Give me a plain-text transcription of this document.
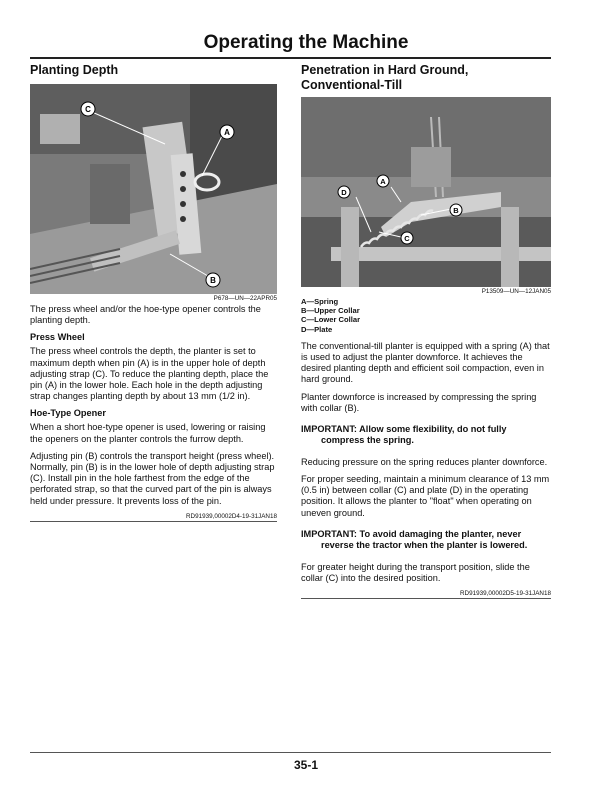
Operating the Machine
Planting Depth
A
C
B
P678—UN—22APR05

The press wheel and/or the hoe-type opener controls the planting depth.

Press Wheel

The press wheel controls the depth, the planter is set to maximum depth when pin (A) is in the upper hole of depth adjusting strap (C). To reduce the planting depth, place the pin (A) in the lower hole. Each hole in the depth adjusting strap changes planting depth by about 13 mm (1/2 in).

Hoe-Type Opener

When a short hoe-type opener is used, lowering or raising the openers on the planter controls the furrow depth.

Adjusting pin (B) controls the transport height (press wheel). Normally, pin (B) is in the lower hole of depth adjusting strap (C). Install pin in the hole farthest from the edge of the perforated strap, so that the curved part of the pin is always held under pressure. It prevents loss of the pin.

RD91939,00002D4-19-31JAN18
Penetration in Hard Ground, Conventional-Till
A
B
C
D
P13509—UN—12JAN05
A—Spring
B—Upper Collar
C—Lower Collar
D—Plate

The conventional-till planter is equipped with a spring (A) that is used to adjust the planter downforce. It achieves the desired planting depth and efficient soil compaction, even in hard ground.

Planter downforce is increased by compressing the spring with collar (B).

IMPORTANT: Allow some flexibility, do not fully compress the spring.

Reducing pressure on the spring reduces planter downforce.

For proper seeding, maintain a minimum clearance of 13 mm (0.5 in) between collar (C) and plate (D) in the operating position. It allows the planter to "float" when operating on uneven ground.

IMPORTANT: To avoid damaging the planter, never reverse the tractor when the planter is lowered.

For greater height during the transport position, slide the collar (C) into the desired position.

RD91939,00002D5-19-31JAN18
35-1
